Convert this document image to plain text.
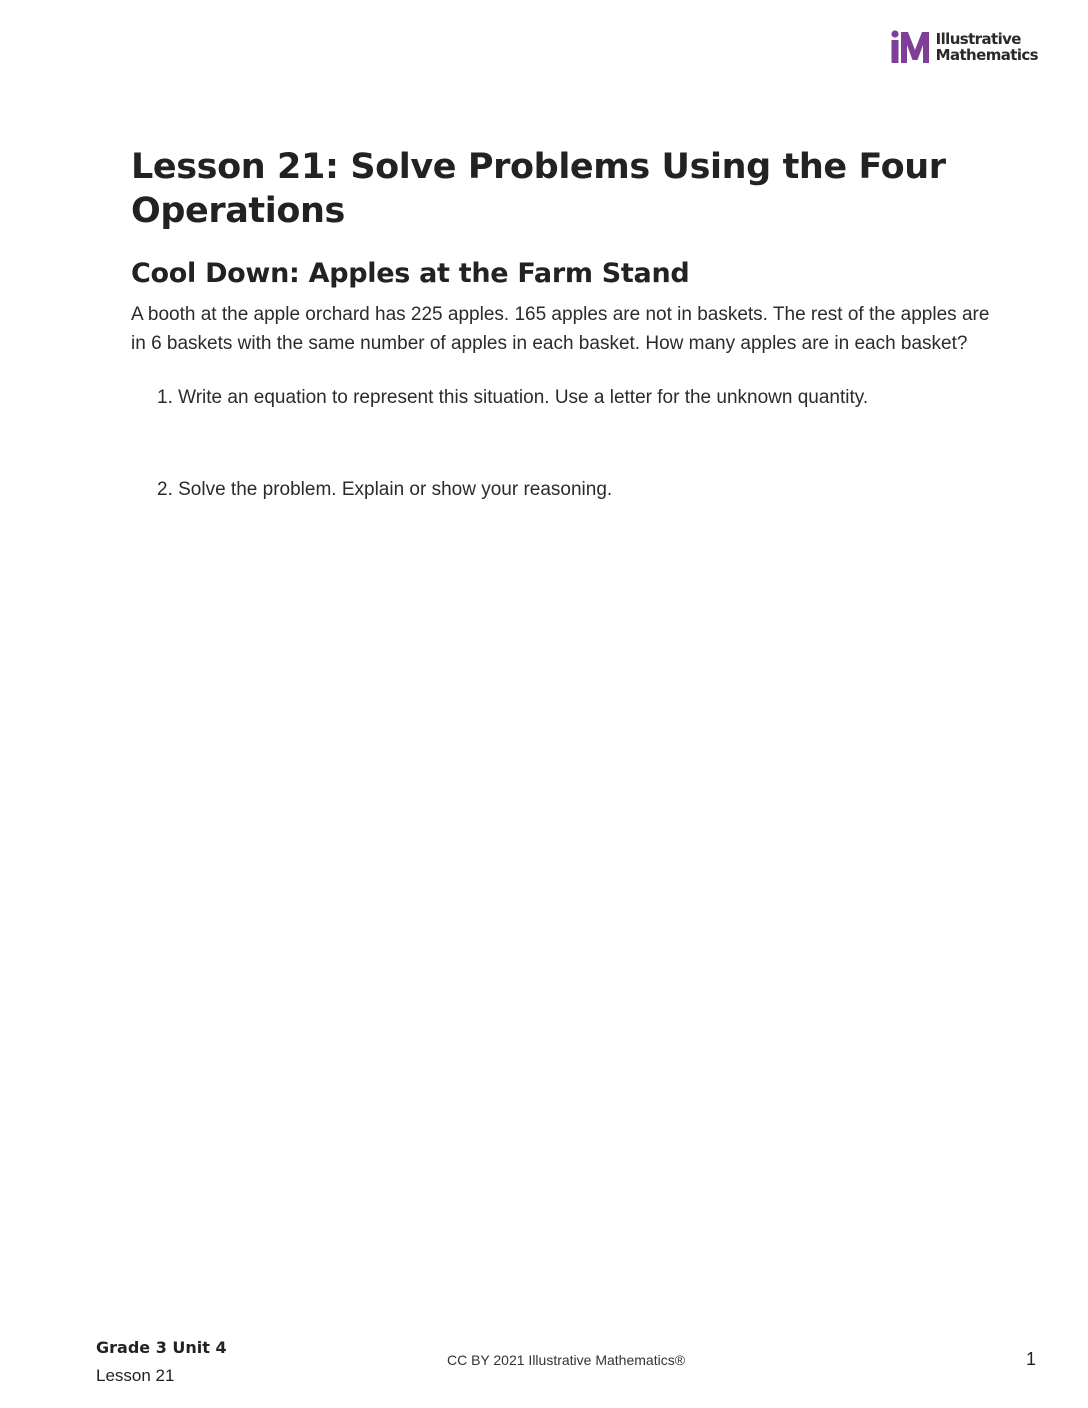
Illustrative
Mathematics
Lesson 21: Solve Problems Using the Four Operations
Cool Down: Apples at the Farm Stand

A booth at the apple orchard has 225 apples. 165 apples are not in baskets. The rest of the apples are in 6 baskets with the same number of apples in each basket. How many apples are in each basket?

1. Write an equation to represent this situation. Use a letter for the unknown quantity.
2. Solve the problem. Explain or show your reasoning.
Grade 3 Unit 4
Lesson 21
CC BY 2021 Illustrative Mathematics®	1
